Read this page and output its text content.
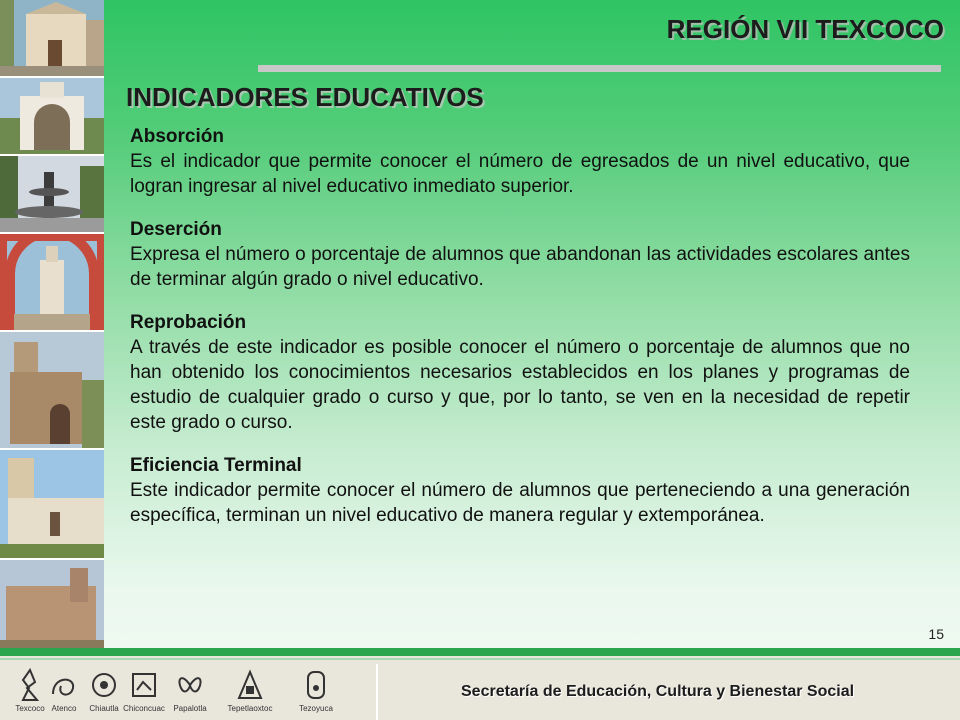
REGIÓN VII TEXCOCO
INDICADORES EDUCATIVOS
Absorción

Es el indicador que permite conocer el número de egresados de un nivel educativo, que logran ingresar al nivel educativo inmediato superior.

Deserción

Expresa el número o porcentaje de alumnos que abandonan las actividades escolares antes de terminar algún grado o nivel educativo.

Reprobación

A través de este indicador es posible conocer el número o porcentaje de alumnos que no han obtenido los conocimientos necesarios establecidos en los planes y programas de estudio de cualquier grado o curso y que, por lo tanto, se ven en la necesidad de repetir este grado o curso.

Eficiencia Terminal

Este indicador permite conocer el número de alumnos que perteneciendo a una generación específica, terminan un nivel educativo de manera regular y extemporánea.

15
Texcoco Atenco	Chiautla Chiconcuac	Papalotla	Tepetlaoxtoc	Tezoyuca
Secretaría de Educación, Cultura y Bienestar Social
